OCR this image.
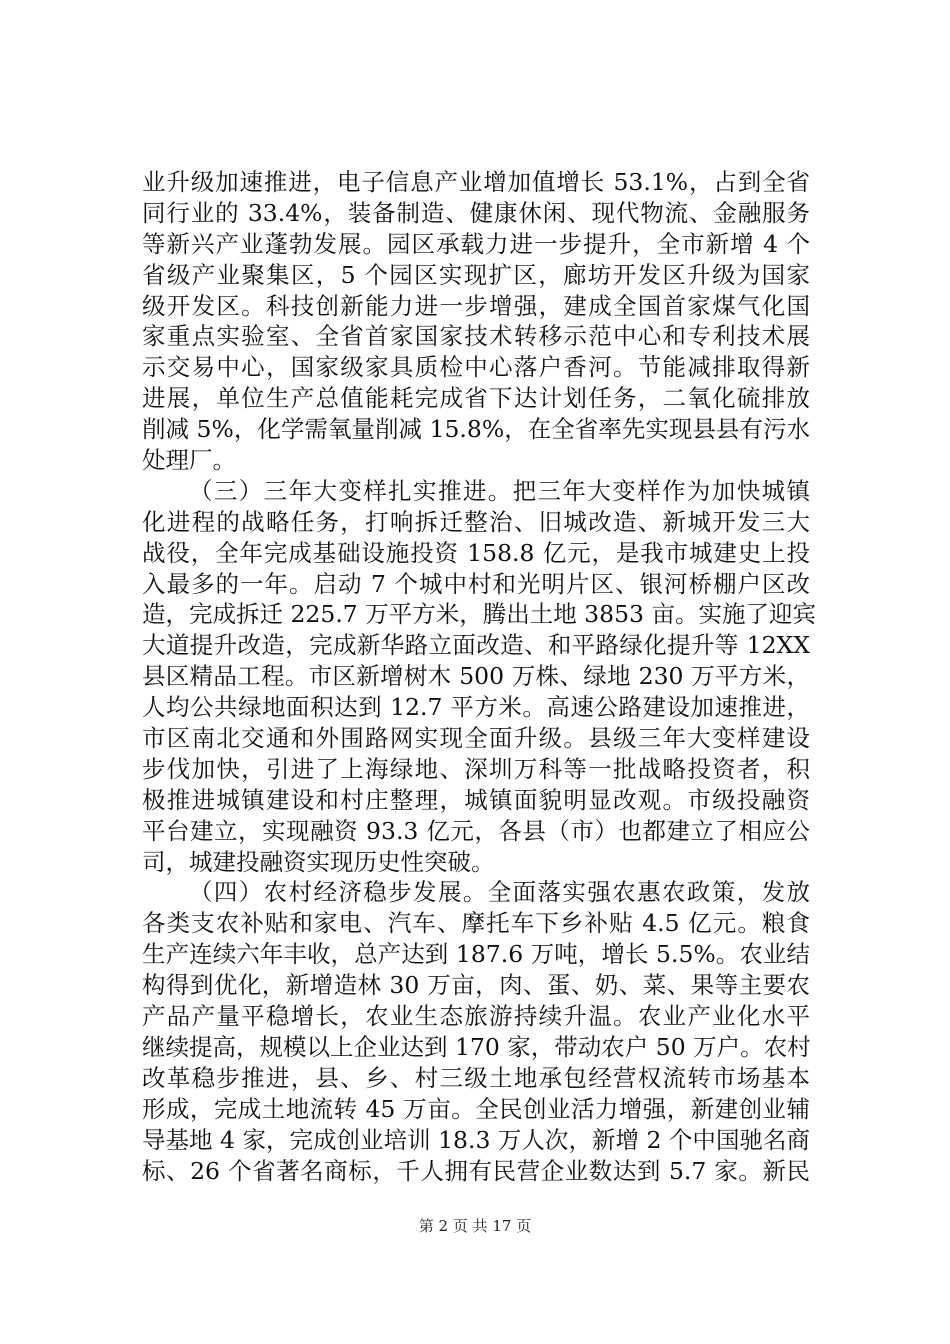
业升级加速推进，电子信息产业增加值增长 53.1%，占到全省
同行业的 33.4%，装备制造、健康休闲、现代物流、金融服务
等新兴产业蓬勃发展。园区承载力进一步提升，全市新增 4 个
省级产业聚集区，5 个园区实现扩区，廊坊开发区升级为国家
级开发区。科技创新能力进一步增强，建成全国首家煤气化国
家重点实验室、全省首家国家技术转移示范中心和专利技术展
示交易中心，国家级家具质检中心落户香河。节能减排取得新
进展，单位生产总值能耗完成省下达计划任务，二氧化硫排放
削减 5%，化学需氧量削减 15.8%，在全省率先实现县县有污水
处理厂。
（三）三年大变样扎实推进。把三年大变样作为加快城镇
化进程的战略任务，打响拆迁整治、旧城改造、新城开发三大
战役，全年完成基础设施投资 158.8 亿元，是我市城建史上投
入最多的一年。启动 7 个城中村和光明片区、银河桥棚户区改
造，完成拆迁 225.7 万平方米，腾出土地 3853 亩。实施了迎宾
大道提升改造，完成新华路立面改造、和平路绿化提升等 12XX
县区精品工程。市区新增树木 500 万株、绿地 230 万平方米，
人均公共绿地面积达到 12.7 平方米。高速公路建设加速推进，
市区南北交通和外围路网实现全面升级。县级三年大变样建设
步伐加快，引进了上海绿地、深圳万科等一批战略投资者，积
极推进城镇建设和村庄整理，城镇面貌明显改观。市级投融资
平台建立，实现融资 93.3 亿元，各县（市）也都建立了相应公
司，城建投融资实现历史性突破。
（四）农村经济稳步发展。全面落实强农惠农政策，发放
各类支农补贴和家电、汽车、摩托车下乡补贴 4.5 亿元。粮食
生产连续六年丰收，总产达到 187.6 万吨，增长 5.5%。农业结
构得到优化，新增造林 30 万亩，肉、蛋、奶、菜、果等主要农
产品产量平稳增长，农业生态旅游持续升温。农业产业化水平
继续提高，规模以上企业达到 170 家，带动农户 50 万户。农村
改革稳步推进，县、乡、村三级土地承包经营权流转市场基本
形成，完成土地流转 45 万亩。全民创业活力增强，新建创业辅
导基地 4 家，完成创业培训 18.3 万人次，新增 2 个中国驰名商
标、26 个省著名商标，千人拥有民营企业数达到 5.7 家。新民
第 2 页 共 17 页
